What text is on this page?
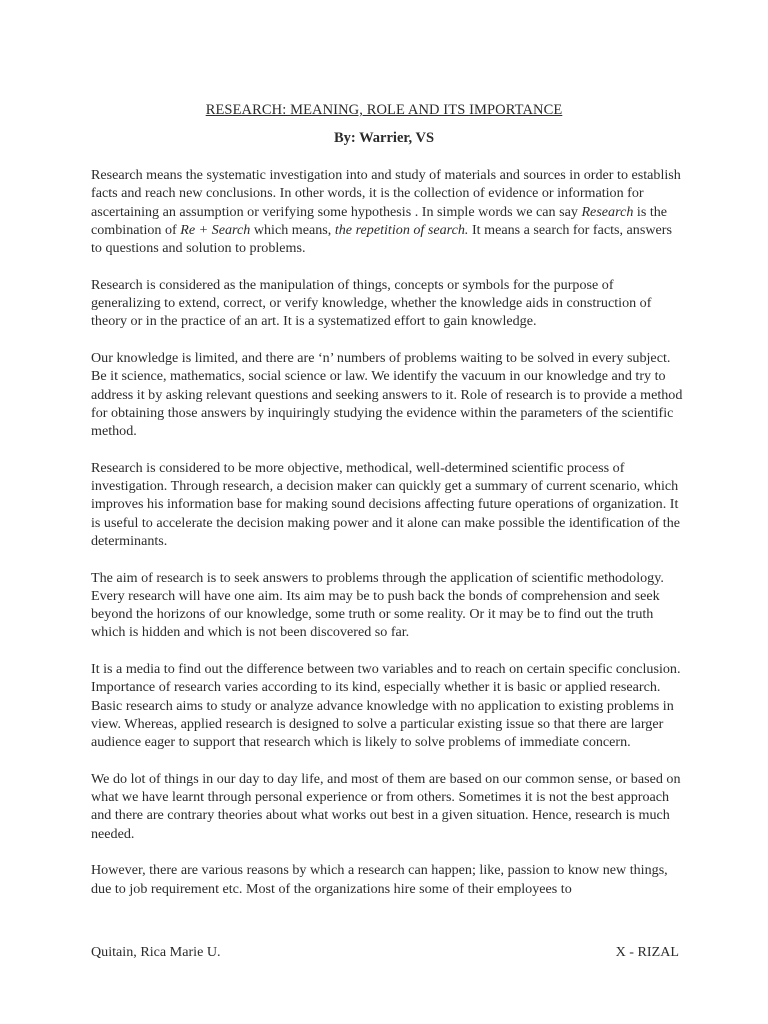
RESEARCH: MEANING, ROLE AND ITS IMPORTANCE
By: Warrier, VS

Research means the systematic investigation into and study of materials and sources in order to establish facts and reach new conclusions. In other words, it is the collection of evidence or information for ascertaining an assumption or verifying some hypothesis . In simple words we can say Research is the combination of Re + Search which means, the repetition of search. It means a search for facts, answers to questions and solution to problems.

Research is considered as the manipulation of things, concepts or symbols for the purpose of generalizing to extend, correct, or verify knowledge, whether the knowledge aids in construction of theory or in the practice of an art. It is a systematized effort to gain knowledge.

Our knowledge is limited, and there are ‘n’ numbers of problems waiting to be solved in every subject. Be it science, mathematics, social science or law. We identify the vacuum in our knowledge and try to address it by asking relevant questions and seeking answers to it. Role of research is to provide a method for obtaining those answers by inquiringly studying the evidence within the parameters of the scientific method.

Research is considered to be more objective, methodical, well-determined scientific process of investigation. Through research, a decision maker can quickly get a summary of current scenario, which improves his information base for making sound decisions affecting future operations of organization. It is useful to accelerate the decision making power and it alone can make possible the identification of the determinants.

The aim of research is to seek answers to problems through the application of scientific methodology. Every research will have one aim. Its aim may be to push back the bonds of comprehension and seek beyond the horizons of our knowledge, some truth or some reality. Or it may be to find out the truth which is hidden and which is not been discovered so far.

It is a media to find out the difference between two variables and to reach on certain specific conclusion. Importance of research varies according to its kind, especially whether it is basic or applied research. Basic research aims to study or analyze advance knowledge with no application to existing problems in view. Whereas, applied research is designed to solve a particular existing issue so that there are larger audience eager to support that research which is likely to solve problems of immediate concern.

We do lot of things in our day to day life, and most of them are based on our common sense, or based on what we have learnt through personal experience or from others. Sometimes it is not the best approach and there are contrary theories about what works out best in a given situation. Hence, research is much needed.

However, there are various reasons by which a research can happen; like, passion to know new things, due to job requirement etc. Most of the organizations hire some of their employees to

Quitain, Rica Marie U.	X - RIZAL
